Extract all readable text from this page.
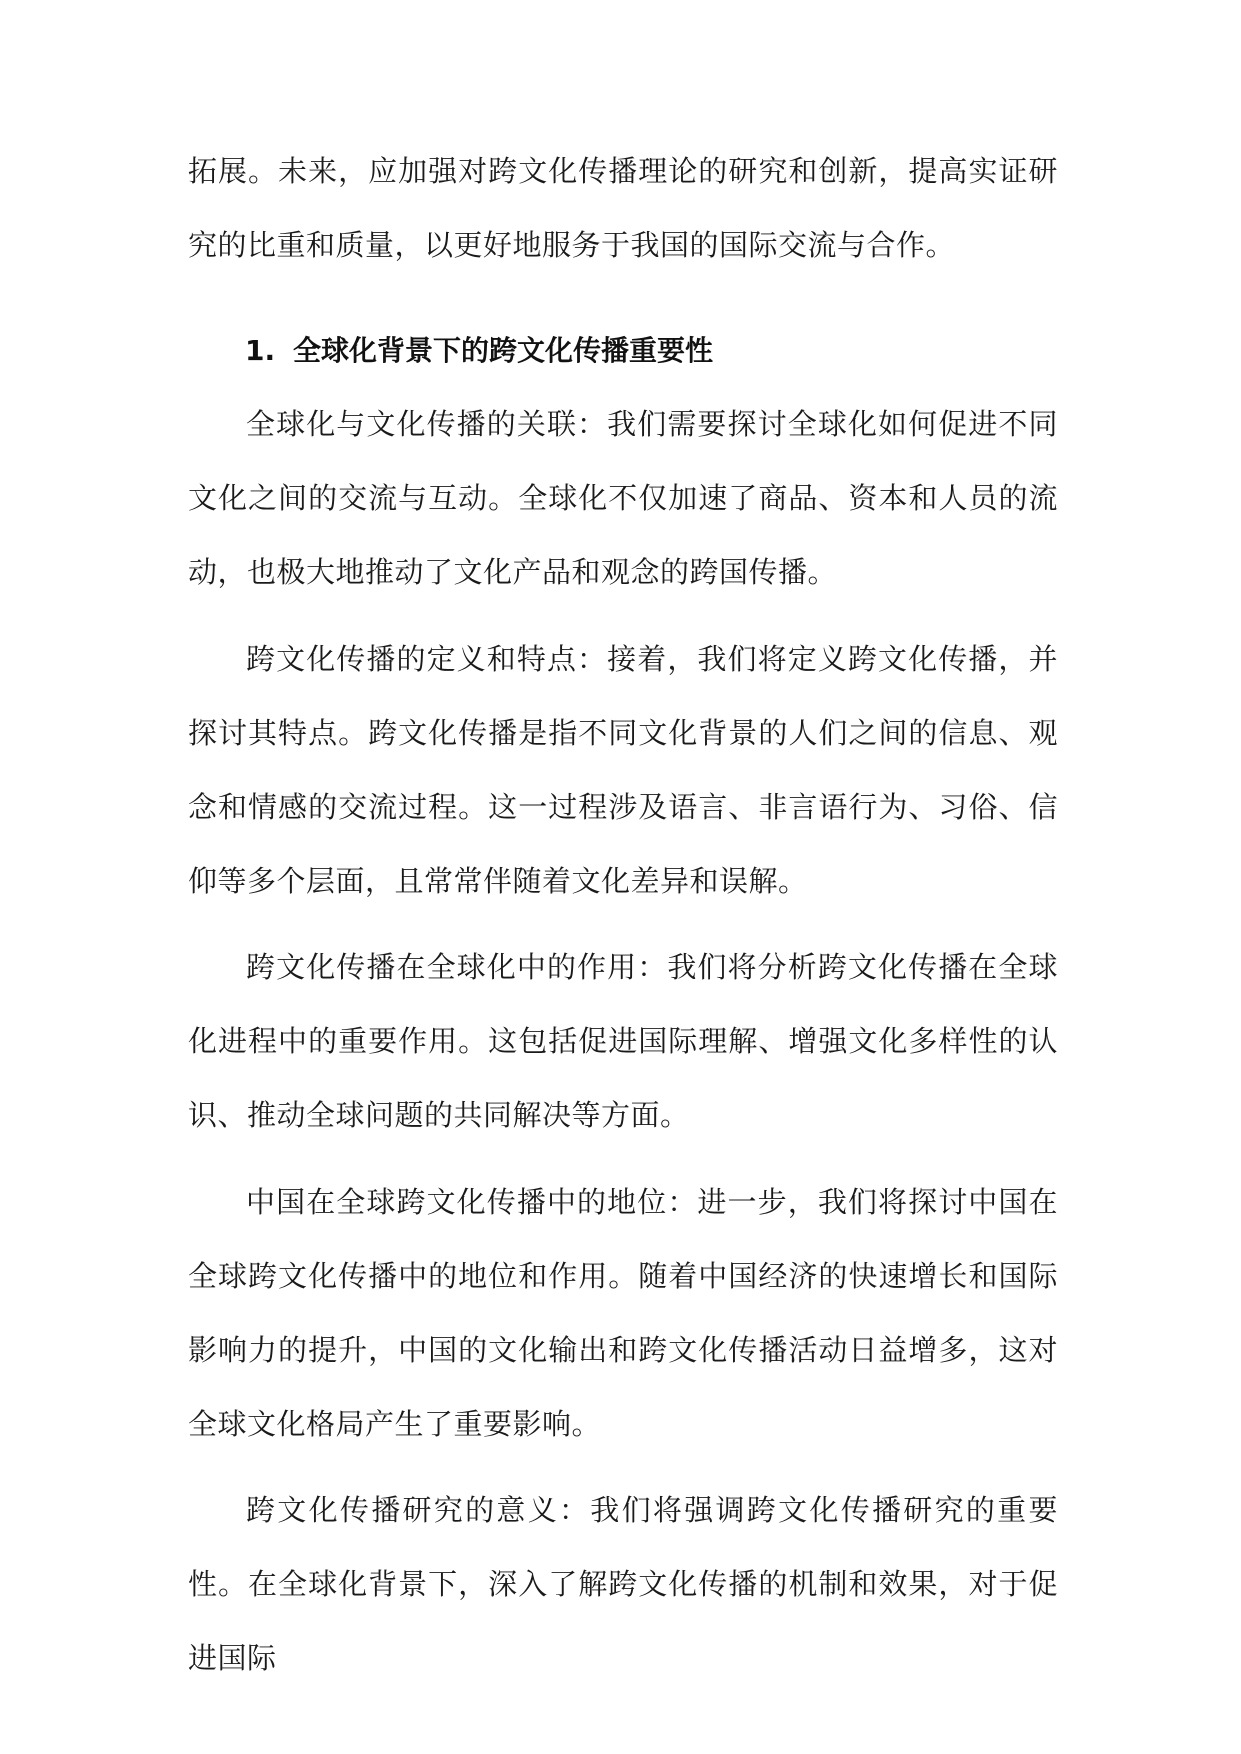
拓展。未来，应加强对跨文化传播理论的研究和创新，提高实证研究的比重和质量，以更好地服务于我国的国际交流与合作。
1. 全球化背景下的跨文化传播重要性

全球化与文化传播的关联：我们需要探讨全球化如何促进不同文化之间的交流与互动。全球化不仅加速了商品、资本和人员的流动，也极大地推动了文化产品和观念的跨国传播。

跨文化传播的定义和特点：接着，我们将定义跨文化传播，并探讨其特点。跨文化传播是指不同文化背景的人们之间的信息、观念和情感的交流过程。这一过程涉及语言、非言语行为、习俗、信仰等多个层面，且常常伴随着文化差异和误解。

跨文化传播在全球化中的作用：我们将分析跨文化传播在全球化进程中的重要作用。这包括促进国际理解、增强文化多样性的认识、推动全球问题的共同解决等方面。

中国在全球跨文化传播中的地位：进一步，我们将探讨中国在全球跨文化传播中的地位和作用。随着中国经济的快速增长和国际影响力的提升，中国的文化输出和跨文化传播活动日益增多，这对全球文化格局产生了重要影响。

跨文化传播研究的意义：我们将强调跨文化传播研究的重要性。在全球化背景下，深入了解跨文化传播的机制和效果，对于促进国际
